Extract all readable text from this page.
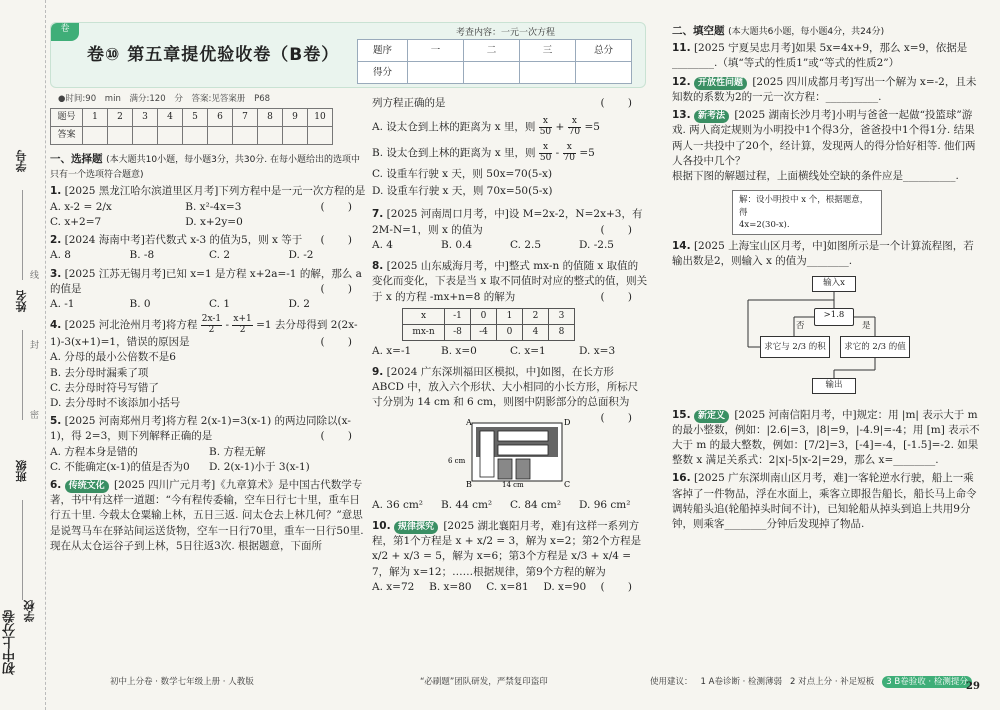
学号
线
姓名
封
密
班级
学校
初中上分卷
卷
卷⑩ 第五章提优验收卷（B卷）
考查内容：一元一次方程
题序	一	二	三	总分
得分				
●时间:90 min 满分:120 分 答案:见答案册 P68
题号	1	2	3	4	5	6	7	8	9	10
答案										
一、选择题 (本大题共10小题，每小题3分，共30分. 在每小题给出的选项中只有一个选项符合题意)
1. [2025 黑龙江哈尔滨道里区月考]下列方程中是一元一次方程的是
( )
A. x-2 = 2/x	B. x²-4x=3
C. x+2=7	D. x+2y=0
2. [2024 海南中考]若代数式 x-3 的值为5，则 x 等于 ( )
A. 8	B. -8	C. 2	D. -2
3. [2025 江苏无锡月考]已知 x=1 是方程 x+2a=-1 的解，那么 a 的值是	( )
A. -1	B. 0	C. 1	D. 2
4. [2025 河北沧州月考]将方程 $\frac{2x-1}{2} - \frac{x+1}{2} =1$ 去分母得到 2(2x-1)-3(x+1)=1，错误的原因是	( )
A. 分母的最小公倍数不是6
B. 去分母时漏乘了项
C. 去分母时符号写错了
D. 去分母时不该添加小括号
5. [2025 河南郑州月考]将方程 2(x-1)=3(x-1) 的两边同除以(x-1)，得 2=3，则下列解释正确的是	( )
A. 方程本身是错的	B. 方程无解
C. 不能确定(x-1)的值是否为0	D. 2(x-1)小于 3(x-1)
6. 传统文化 [2025 四川广元月考]《九章算术》是中国古代数学专著，书中有这样一道题：“今有程传委输，空车日行七十里，重车日行五十里. 今载太仓粟输上林，五日三返. 问太仓去上林几何？”意思是说驾马车在驿站间运送货物，空车一日行70里，重车一日行50里. 现在从太仓运谷子到上林，5日往返3次. 根据题意，下面所
列方程正确的是	( )
A. 设太仓到上林的距离为 x 里，则 $\frac{x}{50} + \frac{x}{70} =5$
B. 设太仓到上林的距离为 x 里，则 $\frac{x}{50} - \frac{x}{70} =5$
C. 设重车行驶 x 天，则 50x=70(5-x)
D. 设重车行驶 x 天，则 70x=50(5-x)
7. [2025 河南周口月考，中]设 M=2x-2，N=2x+3，有 2M-N=1，则 x 的值为	( )
A. 4	B. 0.4	C. 2.5	D. -2.5
8. [2025 山东威海月考，中]整式 mx-n 的值随 x 取值的变化而变化，下表是当 x 取不同值时对应的整式的值，则关于 x 的方程 -mx+n=8 的解为	( )
x	-1	0	1	2	3
mx-n	-8	-4	0	4	8
A. x=-1	B. x=0	C. x=1	D. x=3
9. [2024 广东深圳福田区模拟，中]如图，在长方形 ABCD 中，放入六个形状、大小相同的小长方形，所标尺寸分别为 14 cm 和 6 cm，则图中阴影部分的总面积为
( )
A	D
B	C
6 cm
14 cm
A. 36 cm²	B. 44 cm²	C. 84 cm²	D. 96 cm²
10. 规律探究 [2025 湖北襄阳月考，难]有这样一系列方程，第1个方程是 x + x/2 = 3，解为 x=2；第2个方程是 x/2 + x/3 = 5，解为 x=6；第3个方程是 x/3 + x/4 = 7，解为 x=12；……根据规律，第9个方程的解为
( )
A. x=72	B. x=80	C. x=81	D. x=90
二、填空题 (本大题共6小题，每小题4分，共24分)
11. [2025 宁夏吴忠月考]如果 5x=4x+9，那么 x=9，依据是________.（填“等式的性质1”或“等式的性质2”）
12. 开放性问题 [2025 四川成都月考]写出一个解为 x=-2，且未知数的系数为2的一元一次方程：__________.
13. 新考法 [2025 湖南长沙月考]小明与爸爸一起做“投篮球”游戏. 两人商定规则为小明投中1个得3分，爸爸投中1个得1分. 结果两人一共投中了20个，经计算，发现两人的得分恰好相等. 他们两人各投中几个？
根据下图的解题过程，上面横线处空缺的条件应是__________.
解：设小明投中 x 个，根据题意，得
4x=2(30-x).
14. [2025 上海宝山区月考，中]如图所示是一个计算流程图，若输出数是2，则输入 x 的值为________.
输入x
>1.8
否	是
求它与 2/3 的积	求它的 2/3 的值
输出
15. 新定义 [2025 河南信阳月考，中]规定：用 |m| 表示大于 m 的最小整数，例如：|2.6|=3，|8|=9，|-4.9|=-4；用 [m] 表示不大于 m 的最大整数，例如：[7/2]=3，[-4]=-4，[-1.5]=-2. 如果整数 x 满足关系式：2|x|-5|x-2|=29，那么 x=________.
16. [2025 广东深圳南山区月考，难]一客轮逆水行驶，船上一乘客掉了一件物品，浮在水面上，乘客立即报告船长，船长马上命令调转船头追(轮船掉头时间不计)，已知轮船从掉头到追上共用9分钟，则乘客________分钟后发现掉了物品.
初中上分卷 · 数学七年级上册 · 人教版	“必刷题”团队研发，严禁复印盗印	使用建议： 1 A卷诊断 · 检测薄弱 2 对点上分 · 补足短板	3 B卷验收 · 检测提分
29
